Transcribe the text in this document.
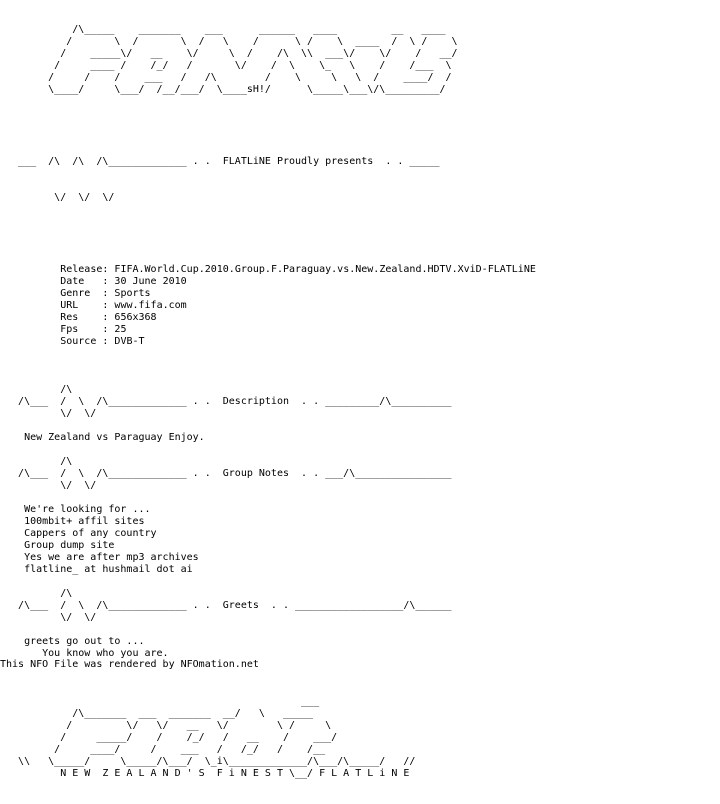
/\_____    _______    ___      ______   ____         __   ____
/       \  /       \  /   \    /      \ /    \  ____  /  \ /    \
/    _____\/   __    \/     \  /    /\  \\  ___\/    \/    /   __/
/     ____ /    /_/   /       \/    /  \    \_   \    /    /___  \
/     /    /    ___   /   /\        /    \     \   \  /    ____/  /
\____/     \___/  /__/___/  \____sH!/      \_____\___\/\_________/

___  /\  /\  /\_____________ . .  FLATLiNE Proudly presents  . . _____

\/  \/  \/

Release: FIFA.World.Cup.2010.Group.F.Paraguay.vs.New.Zealand.HDTV.XviD-FLATLiNE
Date   : 30 June 2010
Genre  : Sports
URL    : www.fifa.com
Res    : 656x368
Fps    : 25
Source : DVB-T

/\
/\___  /  \  /\_____________ . .  Description  . . _________/\__________
\/  \/

New Zealand vs Paraguay Enjoy.

/\
/\___  /  \  /\_____________ . .  Group Notes  . . ___/\________________
\/  \/

We're looking for ...
100mbit+ affil sites
Cappers of any country
Group dump site
Yes we are after mp3 archives
flatline_ at hushmail dot ai

/\
/\___  /  \  /\_____________ . .  Greets  . . __________________/\______
\/  \/

greets go out to ...
You know who you are.

___
/\_______  ___  _______  __/   \   _____
/         \/   \/   __   \/        \ /     \
/     _____/    /    /_/   /   __    /    ___/
/     ____/     /    ___   /   /_/   /    /__
\\   \_____/     \_____/\___/  \_i\_____________/\___/\_____/   //
N E W  Z E A L A N D ' S  F i N E S T \__/ F L A T L i N E

This NFO File was rendered by NFOmation.net
